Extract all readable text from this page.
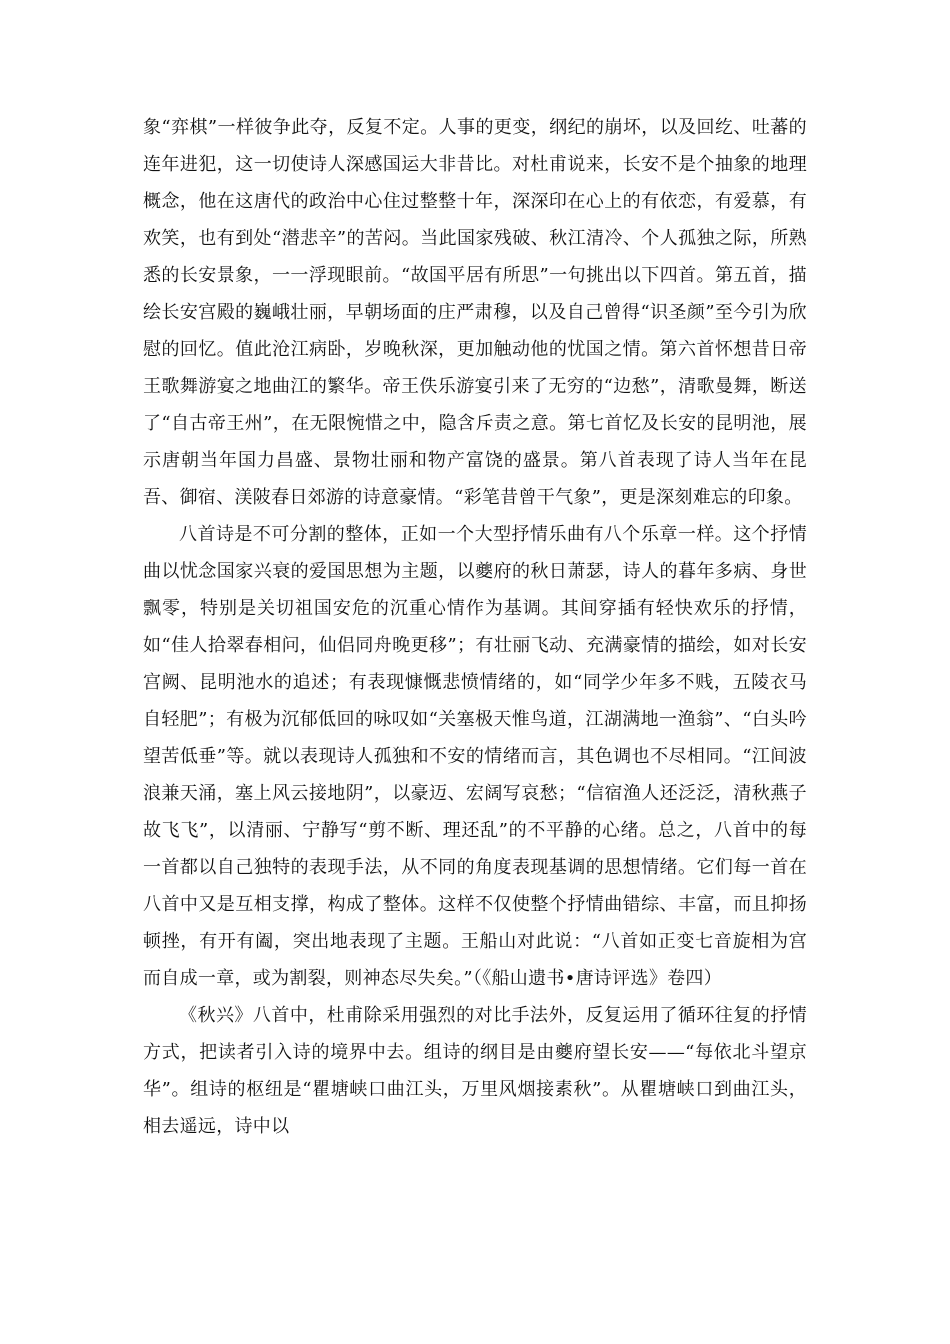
象“弈棋”一样彼争此夺，反复不定。人事的更变，纲纪的崩坏，以及回纥、吐蕃的连年进犯，这一切使诗人深感国运大非昔比。对杜甫说来，长安不是个抽象的地理概念，他在这唐代的政治中心住过整整十年，深深印在心上的有依恋，有爱慕，有欢笑，也有到处“潜悲辛”的苦闷。当此国家残破、秋江清冷、个人孤独之际，所熟悉的长安景象，一一浮现眼前。“故国平居有所思”一句挑出以下四首。第五首，描绘长安宫殿的巍峨壮丽，早朝场面的庄严肃穆，以及自己曾得“识圣颜”至今引为欣慰的回忆。值此沧江病卧，岁晚秋深，更加触动他的忧国之情。第六首怀想昔日帝王歌舞游宴之地曲江的繁华。帝王佚乐游宴引来了无穷的“边愁”，清歌曼舞，断送了“自古帝王州”，在无限惋惜之中，隐含斥责之意。第七首忆及长安的昆明池，展示唐朝当年国力昌盛、景物壮丽和物产富饶的盛景。第八首表现了诗人当年在昆吾、御宿、渼陂春日郊游的诗意豪情。“彩笔昔曾干气象”，更是深刻难忘的印象。

八首诗是不可分割的整体，正如一个大型抒情乐曲有八个乐章一样。这个抒情曲以忧念国家兴衰的爱国思想为主题，以夔府的秋日萧瑟，诗人的暮年多病、身世飘零，特别是关切祖国安危的沉重心情作为基调。其间穿插有轻快欢乐的抒情，如“佳人拾翠春相问，仙侣同舟晚更移”；有壮丽飞动、充满豪情的描绘，如对长安宫阙、昆明池水的追述；有表现慷慨悲愤情绪的，如“同学少年多不贱，五陵衣马自轻肥”；有极为沉郁低回的咏叹如“关塞极天惟鸟道，江湖满地一渔翁”、“白头吟望苦低垂”等。就以表现诗人孤独和不安的情绪而言，其色调也不尽相同。“江间波浪兼天涌，塞上风云接地阴”，以豪迈、宏阔写哀愁；“信宿渔人还泛泛，清秋燕子故飞飞”，以清丽、宁静写“剪不断、理还乱”的不平静的心绪。总之，八首中的每一首都以自己独特的表现手法，从不同的角度表现基调的思想情绪。它们每一首在八首中又是互相支撑，构成了整体。这样不仅使整个抒情曲错综、丰富，而且抑扬顿挫，有开有阖，突出地表现了主题。王船山对此说：“八首如正变七音旋相为宫而自成一章，或为割裂，则神态尽失矣。”（《船山遗书•唐诗评选》卷四）

《秋兴》八首中，杜甫除采用强烈的对比手法外，反复运用了循环往复的抒情方式，把读者引入诗的境界中去。组诗的纲目是由夔府望长安——“每依北斗望京华”。组诗的枢纽是“瞿塘峡口曲江头，万里风烟接素秋”。从瞿塘峡口到曲江头，相去遥远，诗中以
